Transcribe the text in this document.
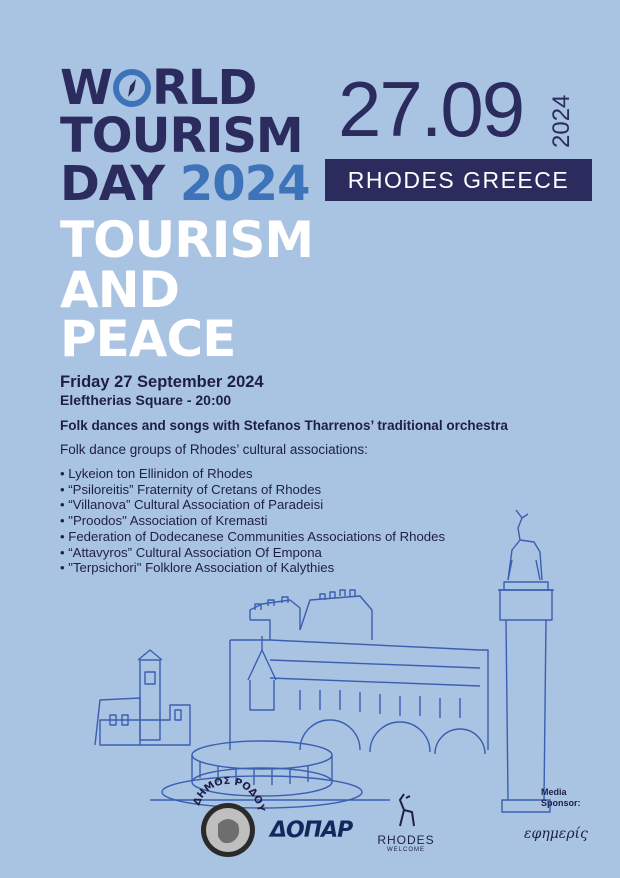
W RLD
TOURISM
DAY 2024
TOURISM
AND
PEACE
27.09 2024
RHODES GREECE
Friday 27 September 2024
Eleftherias Square - 20:00
Folk dances and songs with Stefanos Tharrenos’ traditional orchestra
Folk dance groups of Rhodes’ cultural associations:
• Lykeion ton Ellinidon of Rhodes
• “Psiloreitis” Fraternity of Cretans of Rhodes
• “Villanova” Cultural Association of Paradeisi
• "Proodos" Association of Kremasti
• Federation of Dodecanese Communities Associations of Rhodes
• “Attavyros” Cultural Association Of Empona
• "Terpsichori" Folklore Association of Kalythies
ΔΗΜΟΣ ΡΟΔΟΥ
ΔΟΠΑΡ RHODES
WELCOME
Media
Sponsor:
εφημερίς
